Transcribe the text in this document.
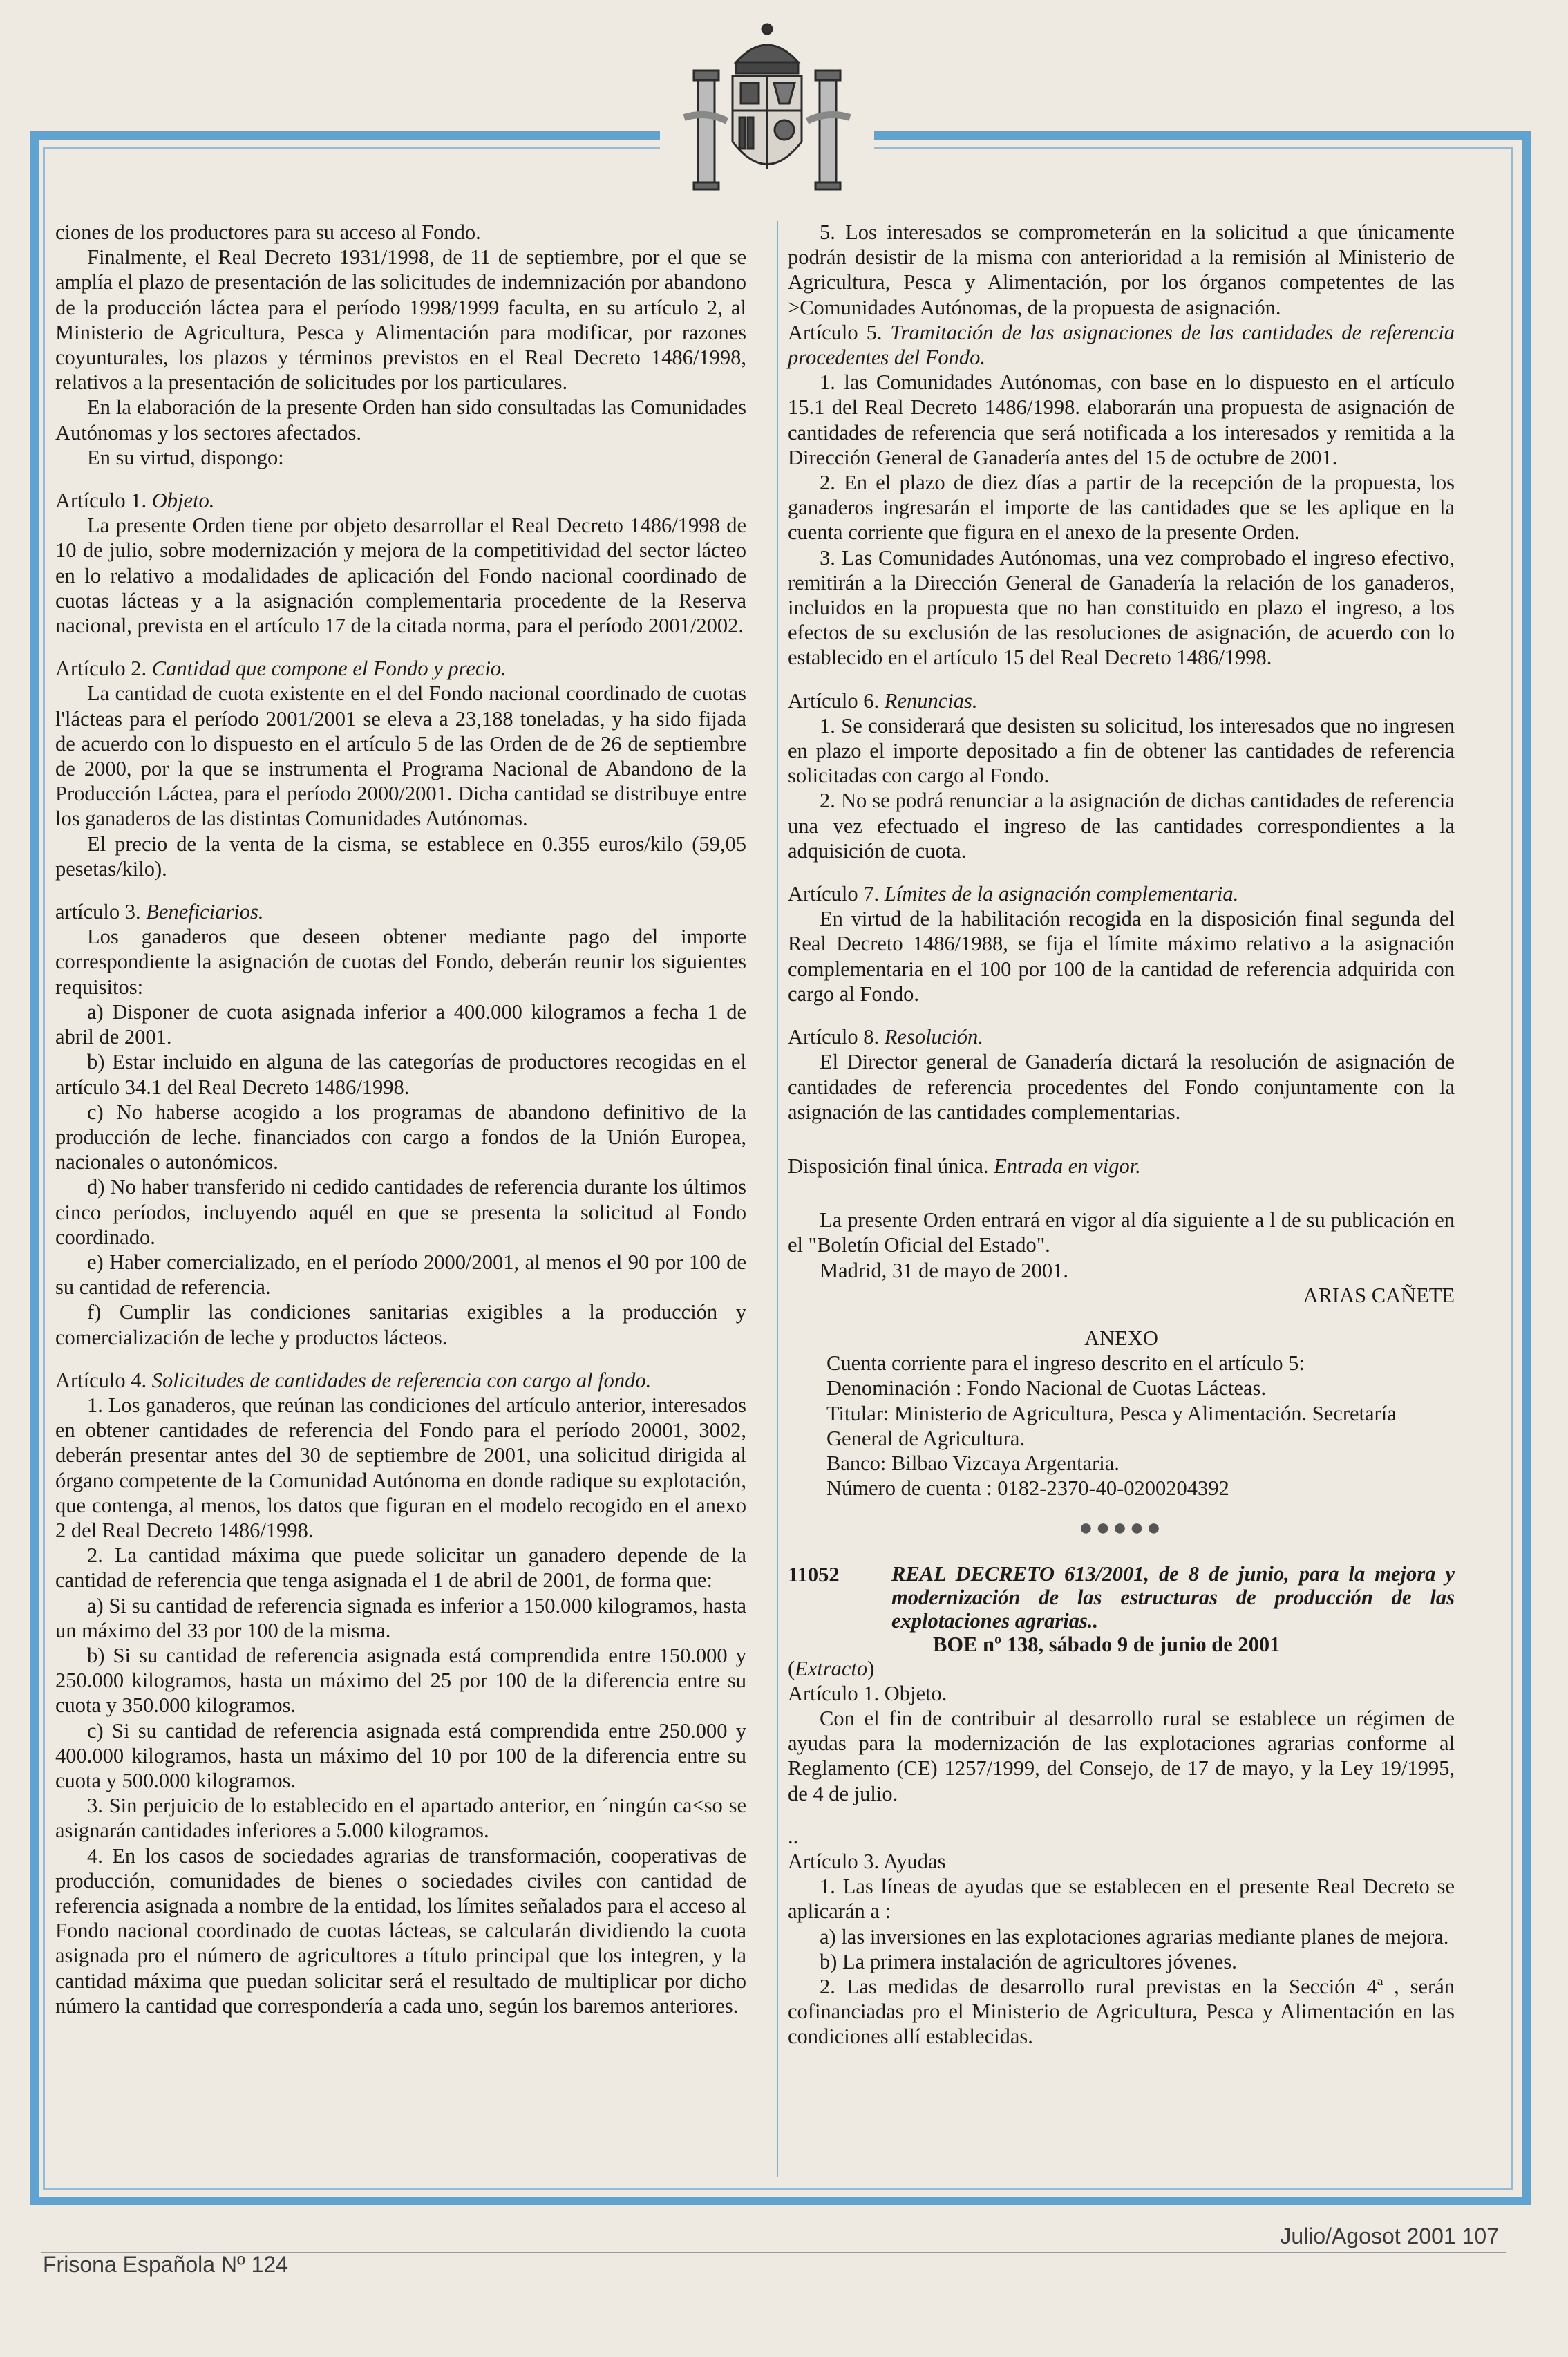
ciones de los productores para su acceso al Fondo.

Finalmente, el Real Decreto 1931/1998, de 11 de septiembre, por el que se amplía el plazo de presentación de las solicitudes de indemnización por abandono de la producción láctea para el período 1998/1999 faculta, en su artículo 2, al Ministerio de Agricultura, Pesca y Alimentación para modificar, por razones coyunturales, los plazos y términos previstos en el Real Decreto 1486/1998, relativos a la presentación de solicitudes por los particulares.

En la elaboración de la presente Orden han sido consultadas las Comunidades Autónomas y los sectores afectados.

En su virtud, dispongo:

Artículo 1. Objeto.

La presente Orden tiene por objeto desarrollar el Real Decreto 1486/1998 de 10 de julio, sobre modernización y mejora de la competitividad del sector lácteo en lo relativo a modalidades de aplicación del Fondo nacional coordinado de cuotas lácteas y a la asignación complementaria procedente de la Reserva nacional, prevista en el artículo 17 de la citada norma, para el período 2001/2002.

Artículo 2. Cantidad que compone el Fondo y precio.

La cantidad de cuota existente en el del Fondo nacional coordinado de cuotas l'lácteas para el período 2001/2001 se eleva a 23,188 toneladas, y ha sido fijada de acuerdo con lo dispuesto en el artículo 5 de las Orden de de 26 de septiembre de 2000, por la que se instrumenta el Programa Nacional de Abandono de la Producción Láctea, para el período 2000/2001. Dicha cantidad se distribuye entre los ganaderos de las distintas Comunidades Autónomas.

El precio de la venta de la cisma, se establece en 0.355 euros/kilo (59,05 pesetas/kilo).

artículo 3. Beneficiarios.

Los ganaderos que deseen obtener mediante pago del importe correspondiente la asignación de cuotas del Fondo, deberán reunir los siguientes requisitos:

a) Disponer de cuota asignada inferior a 400.000 kilogramos a fecha 1 de abril de 2001.

b) Estar incluido en alguna de las categorías de productores recogidas en el artículo 34.1 del Real Decreto 1486/1998.

c) No haberse acogido a los programas de abandono definitivo de la producción de leche. financiados con cargo a fondos de la Unión Europea, nacionales o autonómicos.

d) No haber transferido ni cedido cantidades de referencia durante los últimos cinco períodos, incluyendo aquél en que se presenta la solicitud al Fondo coordinado.

e) Haber comercializado, en el período 2000/2001, al menos el 90 por 100 de su cantidad de referencia.

f) Cumplir las condiciones sanitarias exigibles a la producción y comercialización de leche y productos lácteos.

Artículo 4. Solicitudes de cantidades de referencia con cargo al fondo.

1. Los ganaderos, que reúnan las condiciones del artículo anterior, interesados en obtener cantidades de referencia del Fondo para el período 20001, 3002, deberán presentar antes del 30 de septiembre de 2001, una solicitud dirigida al órgano competente de la Comunidad Autónoma en donde radique su explotación, que contenga, al menos, los datos que figuran en el modelo recogido en el anexo 2 del Real Decreto 1486/1998.

2. La cantidad máxima que puede solicitar un ganadero depende de la cantidad de referencia que tenga asignada el 1 de abril de 2001, de forma que:

a) Si su cantidad de referencia signada es inferior a 150.000 kilogramos, hasta un máximo del 33 por 100 de la misma.

b) Si su cantidad de referencia asignada está comprendida entre 150.000 y 250.000 kilogramos, hasta un máximo del 25 por 100 de la diferencia entre su cuota y 350.000 kilogramos.

c) Si su cantidad de referencia asignada está comprendida entre 250.000 y 400.000 kilogramos, hasta un máximo del 10 por 100 de la diferencia entre su cuota y 500.000 kilogramos.

3. Sin perjuicio de lo establecido en el apartado anterior, en ´ningún ca<so se asignarán cantidades inferiores a 5.000 kilogramos.

4. En los casos de sociedades agrarias de transformación, cooperativas de producción, comunidades de bienes o sociedades civiles con cantidad de referencia asignada a nombre de la entidad, los límites señalados para el acceso al Fondo nacional coordinado de cuotas lácteas, se calcularán dividiendo la cuota asignada pro el número de agricultores a título principal que los integren, y la cantidad máxima que puedan solicitar será el resultado de multiplicar por dicho número la cantidad que correspondería a cada uno, según los baremos anteriores.

5. Los interesados se comprometerán en la solicitud a que únicamente podrán desistir de la misma con anterioridad a la remisión al Ministerio de Agricultura, Pesca y Alimentación, por los órganos competentes de las >Comunidades Autónomas, de la propuesta de asignación.

Artículo 5. Tramitación de las asignaciones de las cantidades de referencia procedentes del Fondo.

1. las Comunidades Autónomas, con base en lo dispuesto en el artículo 15.1 del Real Decreto 1486/1998. elaborarán una propuesta de asignación de cantidades de referencia que será notificada a los interesados y remitida a la Dirección General de Ganadería antes del 15 de octubre de 2001.

2. En el plazo de diez días a partir de la recepción de la propuesta, los ganaderos ingresarán el importe de las cantidades que se les aplique en la cuenta corriente que figura en el anexo de la presente Orden.

3. Las Comunidades Autónomas, una vez comprobado el ingreso efectivo, remitirán a la Dirección General de Ganadería la relación de los ganaderos, incluidos en la propuesta que no han constituido en plazo el ingreso, a los efectos de su exclusión de las resoluciones de asignación, de acuerdo con lo establecido en el artículo 15 del Real Decreto 1486/1998.

Artículo 6. Renuncias.

1. Se considerará que desisten su solicitud, los interesados que no ingresen en plazo el importe depositado a fin de obtener las cantidades de referencia solicitadas con cargo al Fondo.

2. No se podrá renunciar a la asignación de dichas cantidades de referencia una vez efectuado el ingreso de las cantidades correspondientes a la adquisición de cuota.

Artículo 7. Límites de la asignación complementaria.

En virtud de la habilitación recogida en la disposición final segunda del Real Decreto 1486/1988, se fija el límite máximo relativo a la asignación complementaria en el 100 por 100 de la cantidad de referencia adquirida con cargo al Fondo.

Artículo 8. Resolución.

El Director general de Ganadería dictará la resolución de asignación de cantidades de referencia procedentes del Fondo conjuntamente con la asignación de las cantidades complementarias.

Disposición final única. Entrada en vigor.

La presente Orden entrará en vigor al día siguiente a l de su publicación en el "Boletín Oficial del Estado".

Madrid, 31 de mayo de 2001.

ARIAS CAÑETE

ANEXO

Cuenta corriente para el ingreso descrito en el artículo 5:

Denominación : Fondo Nacional de Cuotas Lácteas.

Titular: Ministerio de Agricultura, Pesca y Alimentación. Secretaría General de Agricultura.

Banco: Bilbao Vizcaya Argentaria.

Número de cuenta : 0182-2370-40-0200204392

●●●●●

11052	REAL DECRETO 613/2001, de 8 de junio, para la mejora y modernización de las estructuras de producción de las explotaciones agrarias..
BOE nº 138, sábado 9 de junio de 2001

(Extracto)

Artículo 1. Objeto.

Con el fin de contribuir al desarrollo rural se establece un régimen de ayudas para la modernización de las explotaciones agrarias conforme al Reglamento (CE) 1257/1999, del Consejo, de 17 de mayo, y la Ley 19/1995, de 4 de julio.

..

Artículo 3. Ayudas

1. Las líneas de ayudas que se establecen en el presente Real Decreto se aplicarán a :

a) las inversiones en las explotaciones agrarias mediante planes de mejora.

b) La primera instalación de agricultores jóvenes.

2. Las medidas de desarrollo rural previstas en la Sección 4ª , serán cofinanciadas pro el Ministerio de Agricultura, Pesca y Alimentación en las condiciones allí establecidas.

Frisona Española Nº 124
Julio/Agosot 2001 107
